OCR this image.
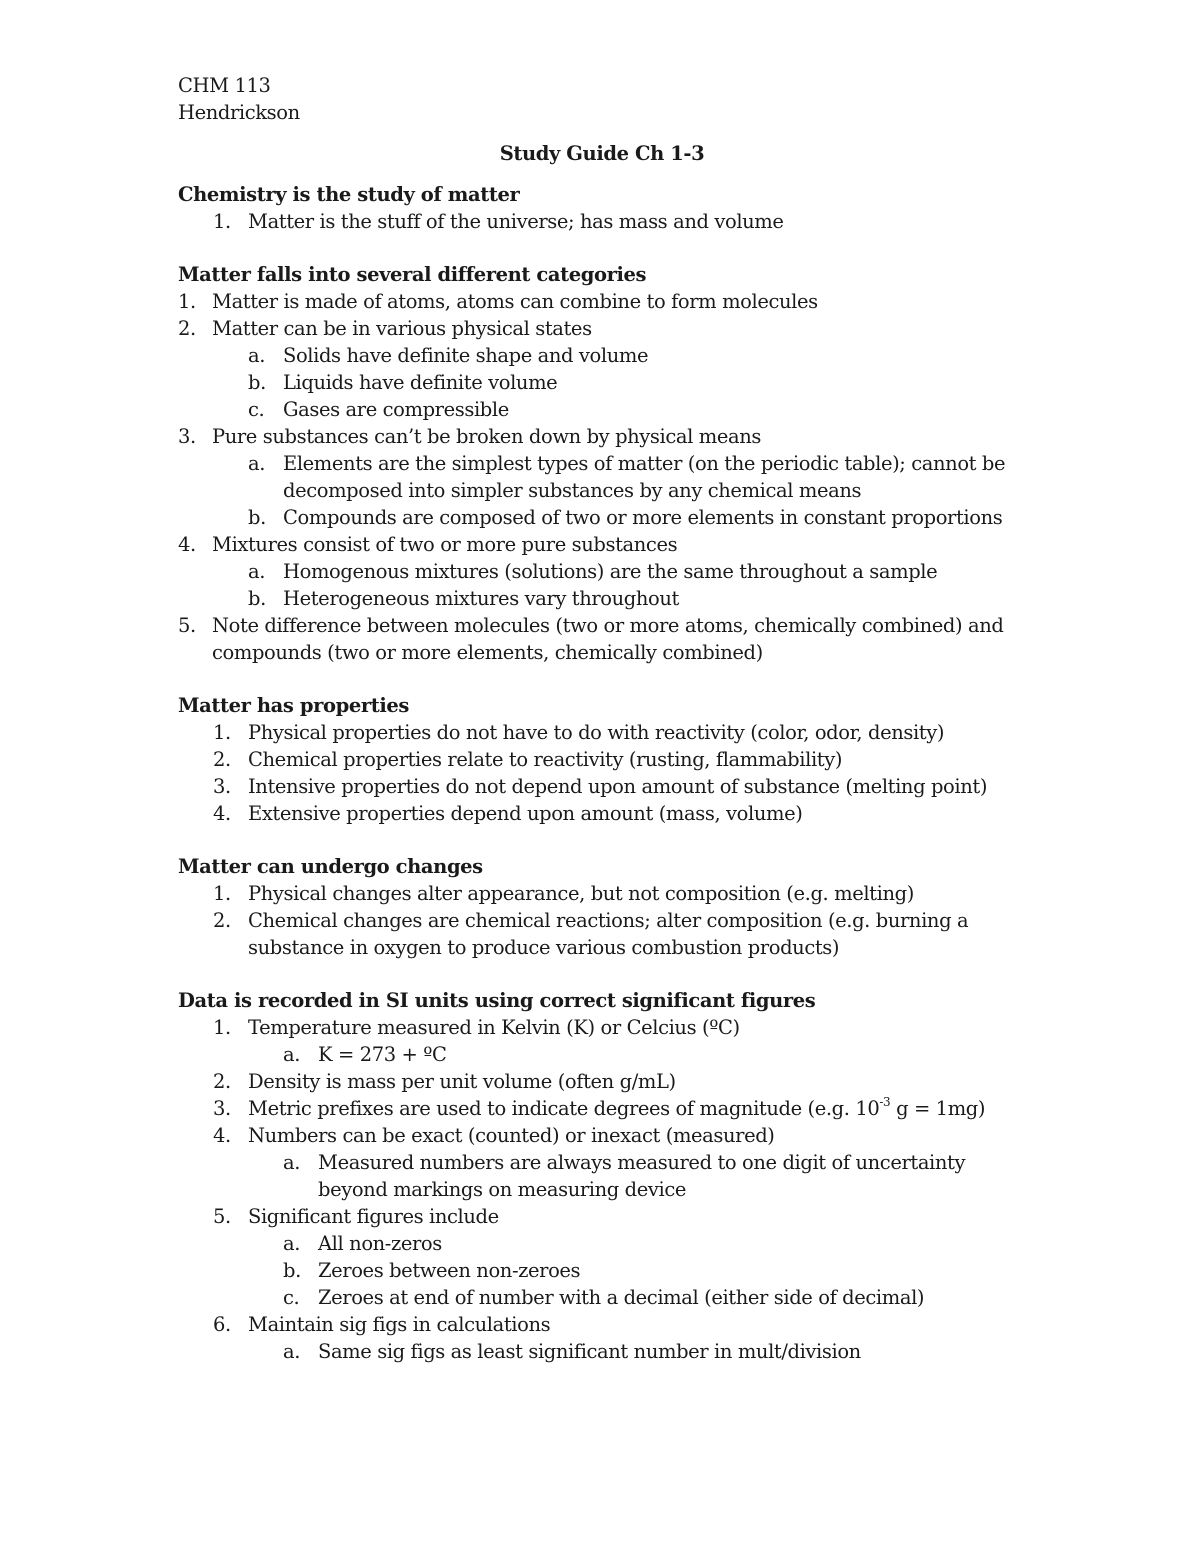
CHM 113
Hendrickson
Study Guide Ch 1-3
Chemistry is the study of matter
1. Matter is the stuff of the universe; has mass and volume
Matter falls into several different categories
1. Matter is made of atoms, atoms can combine to form molecules
2. Matter can be in various physical states
a. Solids have definite shape and volume
b. Liquids have definite volume
c. Gases are compressible
3. Pure substances can’t be broken down by physical means
a. Elements are the simplest types of matter (on the periodic table); cannot be
decomposed into simpler substances by any chemical means
b. Compounds are composed of two or more elements in constant proportions
4. Mixtures consist of two or more pure substances
a. Homogenous mixtures (solutions) are the same throughout a sample
b. Heterogeneous mixtures vary throughout
5. Note difference between molecules (two or more atoms, chemically combined) and
compounds (two or more elements, chemically combined)
Matter has properties
1. Physical properties do not have to do with reactivity (color, odor, density)
2. Chemical properties relate to reactivity (rusting, flammability)
3. Intensive properties do not depend upon amount of substance (melting point)
4. Extensive properties depend upon amount (mass, volume)
Matter can undergo changes
1. Physical changes alter appearance, but not composition (e.g. melting)
2. Chemical changes are chemical reactions; alter composition (e.g. burning a
substance in oxygen to produce various combustion products)
Data is recorded in SI units using correct significant figures
1. Temperature measured in Kelvin (K) or Celcius (ºC)
a. K = 273 + ºC
2. Density is mass per unit volume (often g/mL)
3. Metric prefixes are used to indicate degrees of magnitude (e.g. $10^{-3}$ g = 1mg)
4. Numbers can be exact (counted) or inexact (measured)
a. Measured numbers are always measured to one digit of uncertainty
beyond markings on measuring device
5. Significant figures include
a. All non-zeros
b. Zeroes between non-zeroes
c. Zeroes at end of number with a decimal (either side of decimal)
6. Maintain sig figs in calculations
a. Same sig figs as least significant number in mult/division
